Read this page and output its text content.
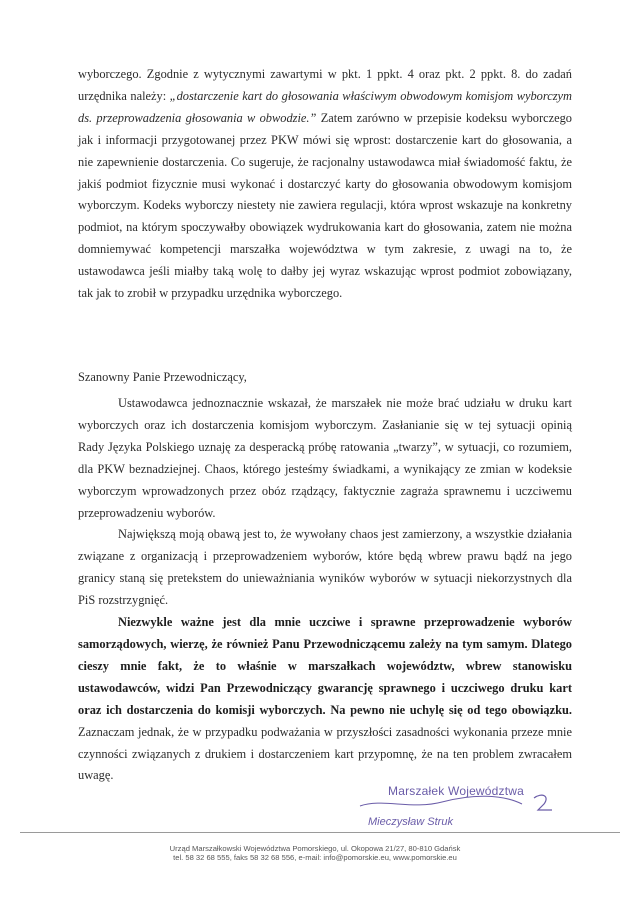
wyborczego. Zgodnie z wytycznymi zawartymi w pkt. 1 ppkt. 4 oraz pkt. 2 ppkt. 8. do zadań urzędnika należy: „dostarczenie kart do głosowania właściwym obwodowym komisjom wyborczym ds. przeprowadzenia głosowania w obwodzie.” Zatem zarówno w przepisie kodeksu wyborczego jak i informacji przygotowanej przez PKW mówi się wprost: dostarczenie kart do głosowania, a nie zapewnienie dostarczenia. Co sugeruje, że racjonalny ustawodawca miał świadomość faktu, że jakiś podmiot fizycznie musi wykonać i dostarczyć karty do głosowania obwodowym komisjom wyborczym. Kodeks wyborczy niestety nie zawiera regulacji, która wprost wskazuje na konkretny podmiot, na którym spoczywałby obowiązek wydrukowania kart do głosowania, zatem nie można domniemywać kompetencji marszałka województwa w tym zakresie, z uwagi na to, że ustawodawca jeśli miałby taką wolę to dałby jej wyraz wskazując wprost podmiot zobowiązany, tak jak to zrobił w przypadku urzędnika wyborczego.

Szanowny Panie Przewodniczący,

Ustawodawca jednoznacznie wskazał, że marszałek nie może brać udziału w druku kart wyborczych oraz ich dostarczenia komisjom wyborczym. Zasłanianie się w tej sytuacji opinią Rady Języka Polskiego uznaję za desperacką próbę ratowania „twarzy”, w sytuacji, co rozumiem, dla PKW beznadziejnej. Chaos, którego jesteśmy świadkami, a wynikający ze zmian w kodeksie wyborczym wprowadzonych przez obóz rządzący, faktycznie zagraża sprawnemu i uczciwemu przeprowadzeniu wyborów.

Największą moją obawą jest to, że wywołany chaos jest zamierzony, a wszystkie działania związane z organizacją i przeprowadzeniem wyborów, które będą wbrew prawu bądź na jego granicy staną się pretekstem do unieważniania wyników wyborów w sytuacji niekorzystnych dla PiS rozstrzygnięć.

Niezwykle ważne jest dla mnie uczciwe i sprawne przeprowadzenie wyborów samorządowych, wierzę, że również Panu Przewodniczącemu zależy na tym samym. Dlatego cieszy mnie fakt, że to właśnie w marszałkach województw, wbrew stanowisku ustawodawców, widzi Pan Przewodniczący gwarancję sprawnego i uczciwego druku kart oraz ich dostarczenia do komisji wyborczych. Na pewno nie uchylę się od tego obowiązku. Zaznaczam jednak, że w przypadku podważania w przyszłości zasadności wykonania przeze mnie czynności związanych z drukiem i dostarczeniem kart przypomnę, że na ten problem zwracałem uwagę.

Marszałek Województwa
Mieczysław Struk
Urząd Marszałkowski Województwa Pomorskiego, ul. Okopowa 21/27, 80-810 Gdańsk
tel. 58 32 68 555, faks 58 32 68 556, e-mail: info@pomorskie.eu, www.pomorskie.eu
